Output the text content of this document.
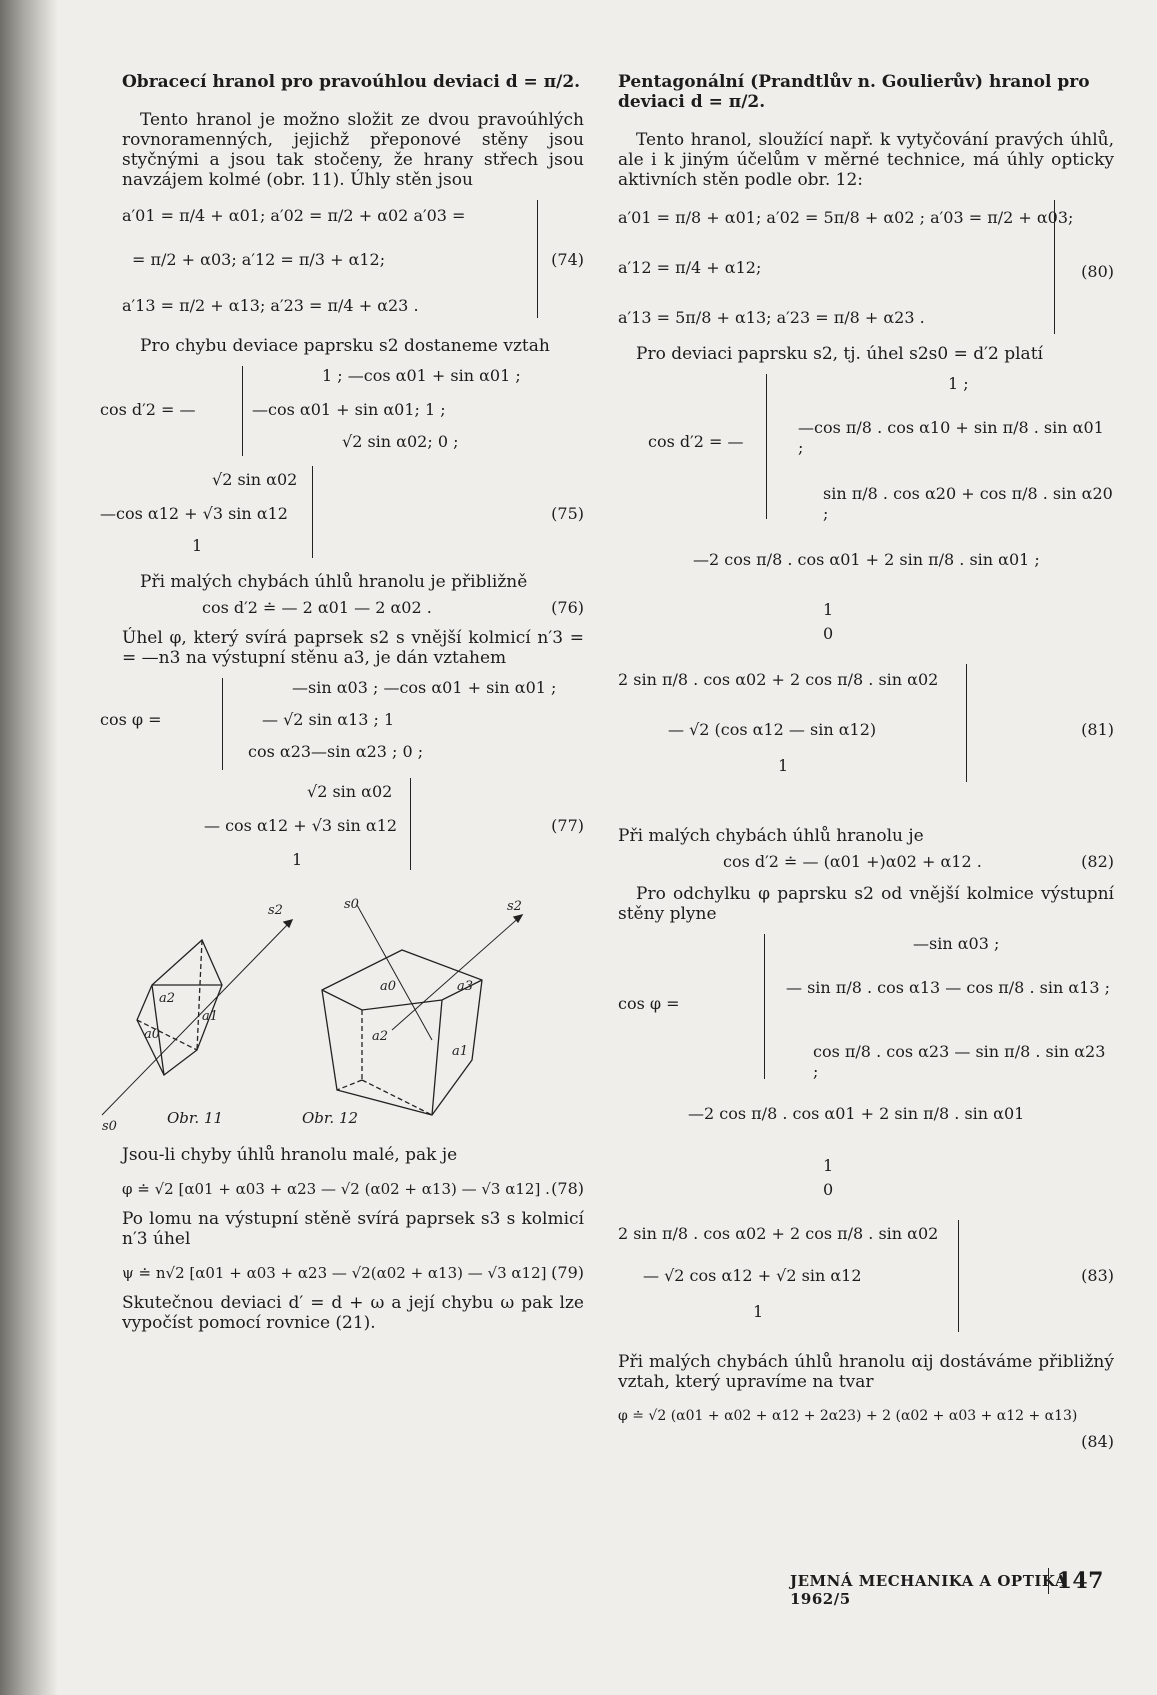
Obracecí hranol pro pravoúhlou deviaci d = π/2.
Tento hranol je možno složit ze dvou pravoúhlých rovnoramenných, jejichž přeponové stěny jsou styčnými a jsou tak stočeny, že hrany střech jsou navzájem kolmé (obr. 11). Úhly stěn jsou
a′01 = π/4 + α01; a′02 = π/2 + α02 a′03 =
= π/2 + α03; a′12 = π/3 + α12;
a′13 = π/2 + α13; a′23 = π/4 + α23 .
(74)
Pro chybu deviace paprsku s2 dostaneme vztah
1 ; —cos α01 + sin α01 ;
cos d′2 = —	—cos α01 + sin α01; 1 ;
√2 sin α02; 0 ;
√2 sin α02
—cos α12 + √3 sin α12
1
(75)
Při malých chybách úhlů hranolu je přibližně
cos d′2 ≐ — 2 α01 — 2 α02 .	(76)
Úhel φ, který svírá paprsek s2 s vnější kolmicí n′3 = = —n3 na výstupní stěnu a3, je dán vztahem
—sin α03 ; —cos α01 + sin α01 ;
cos φ =	— √2 sin α13 ; 1
cos α23—sin α23 ; 0 ;
√2 sin α02
— cos α12 + √3 sin α12
1
(77)
s2
s0
a2
a0
a1
s0	s2
a0	a3
a2
a1
Obr. 11	Obr. 12
Jsou-li chyby úhlů hranolu malé, pak je
φ ≐ √2 [α01 + α03 + α23 — √2 (α02 + α13) — √3 α12] . (78)
Po lomu na výstupní stěně svírá paprsek s3 s kolmicí n′3 úhel
ψ ≐ n√2 [α01 + α03 + α23 — √2(α02 + α13) — √3 α12] .
(79)
Skutečnou deviaci d′ = d + ω a její chybu ω pak lze vypočíst pomocí rovnice (21).
Pentagonální (Prandtlův n. Goulierův) hranol pro deviaci d = π/2.
Tento hranol, sloužící např. k vytyčování pravých úhlů, ale i k jiným účelům v měrné technice, má úhly opticky aktivních stěn podle obr. 12:
a′01 = π/8 + α01; a′02 = 5π/8 + α02 ; a′03 = π/2 + α03;
a′12 = π/4 + α12;
a′13 = 5π/8 + α13; a′23 = π/8 + α23 .
(80)
Pro deviaci paprsku s2, tj. úhel s2s0 = d′2 platí
1 ;
cos d′2 = —
—cos π/8 . cos α10 + sin π/8 . sin α01 ;
sin π/8 . cos α20 + cos π/8 . sin α20 ;
—2 cos π/8 . cos α01 + 2 sin π/8 . sin α01 ;
1
0
2 sin π/8 . cos α02 + 2 cos π/8 . sin α02
— √2 (cos α12 — sin α12)
1
(81)
Při malých chybách úhlů hranolu je
cos d′2 ≐ — (α01 +)α02 + α12 .	(82)
Pro odchylku φ paprsku s2 od vnější kolmice výstupní stěny plyne
—sin α03 ;
cos φ =
— sin π/8 . cos α13 — cos π/8 . sin α13 ;
cos π/8 . cos α23 — sin π/8 . sin α23 ;
—2 cos π/8 . cos α01 + 2 sin π/8 . sin α01
1
0
2 sin π/8 . cos α02 + 2 cos π/8 . sin α02
— √2 cos α12 + √2 sin α12
1
(83)
Při malých chybách úhlů hranolu αij dostáváme přibližný vztah, který upravíme na tvar
φ ≐ √2 (α01 + α02 + α12 + 2α23) + 2 (α02 + α03 + α12 + α13)
(84)
JEMNÁ MECHANIKA A OPTIKA 1962/5
147
